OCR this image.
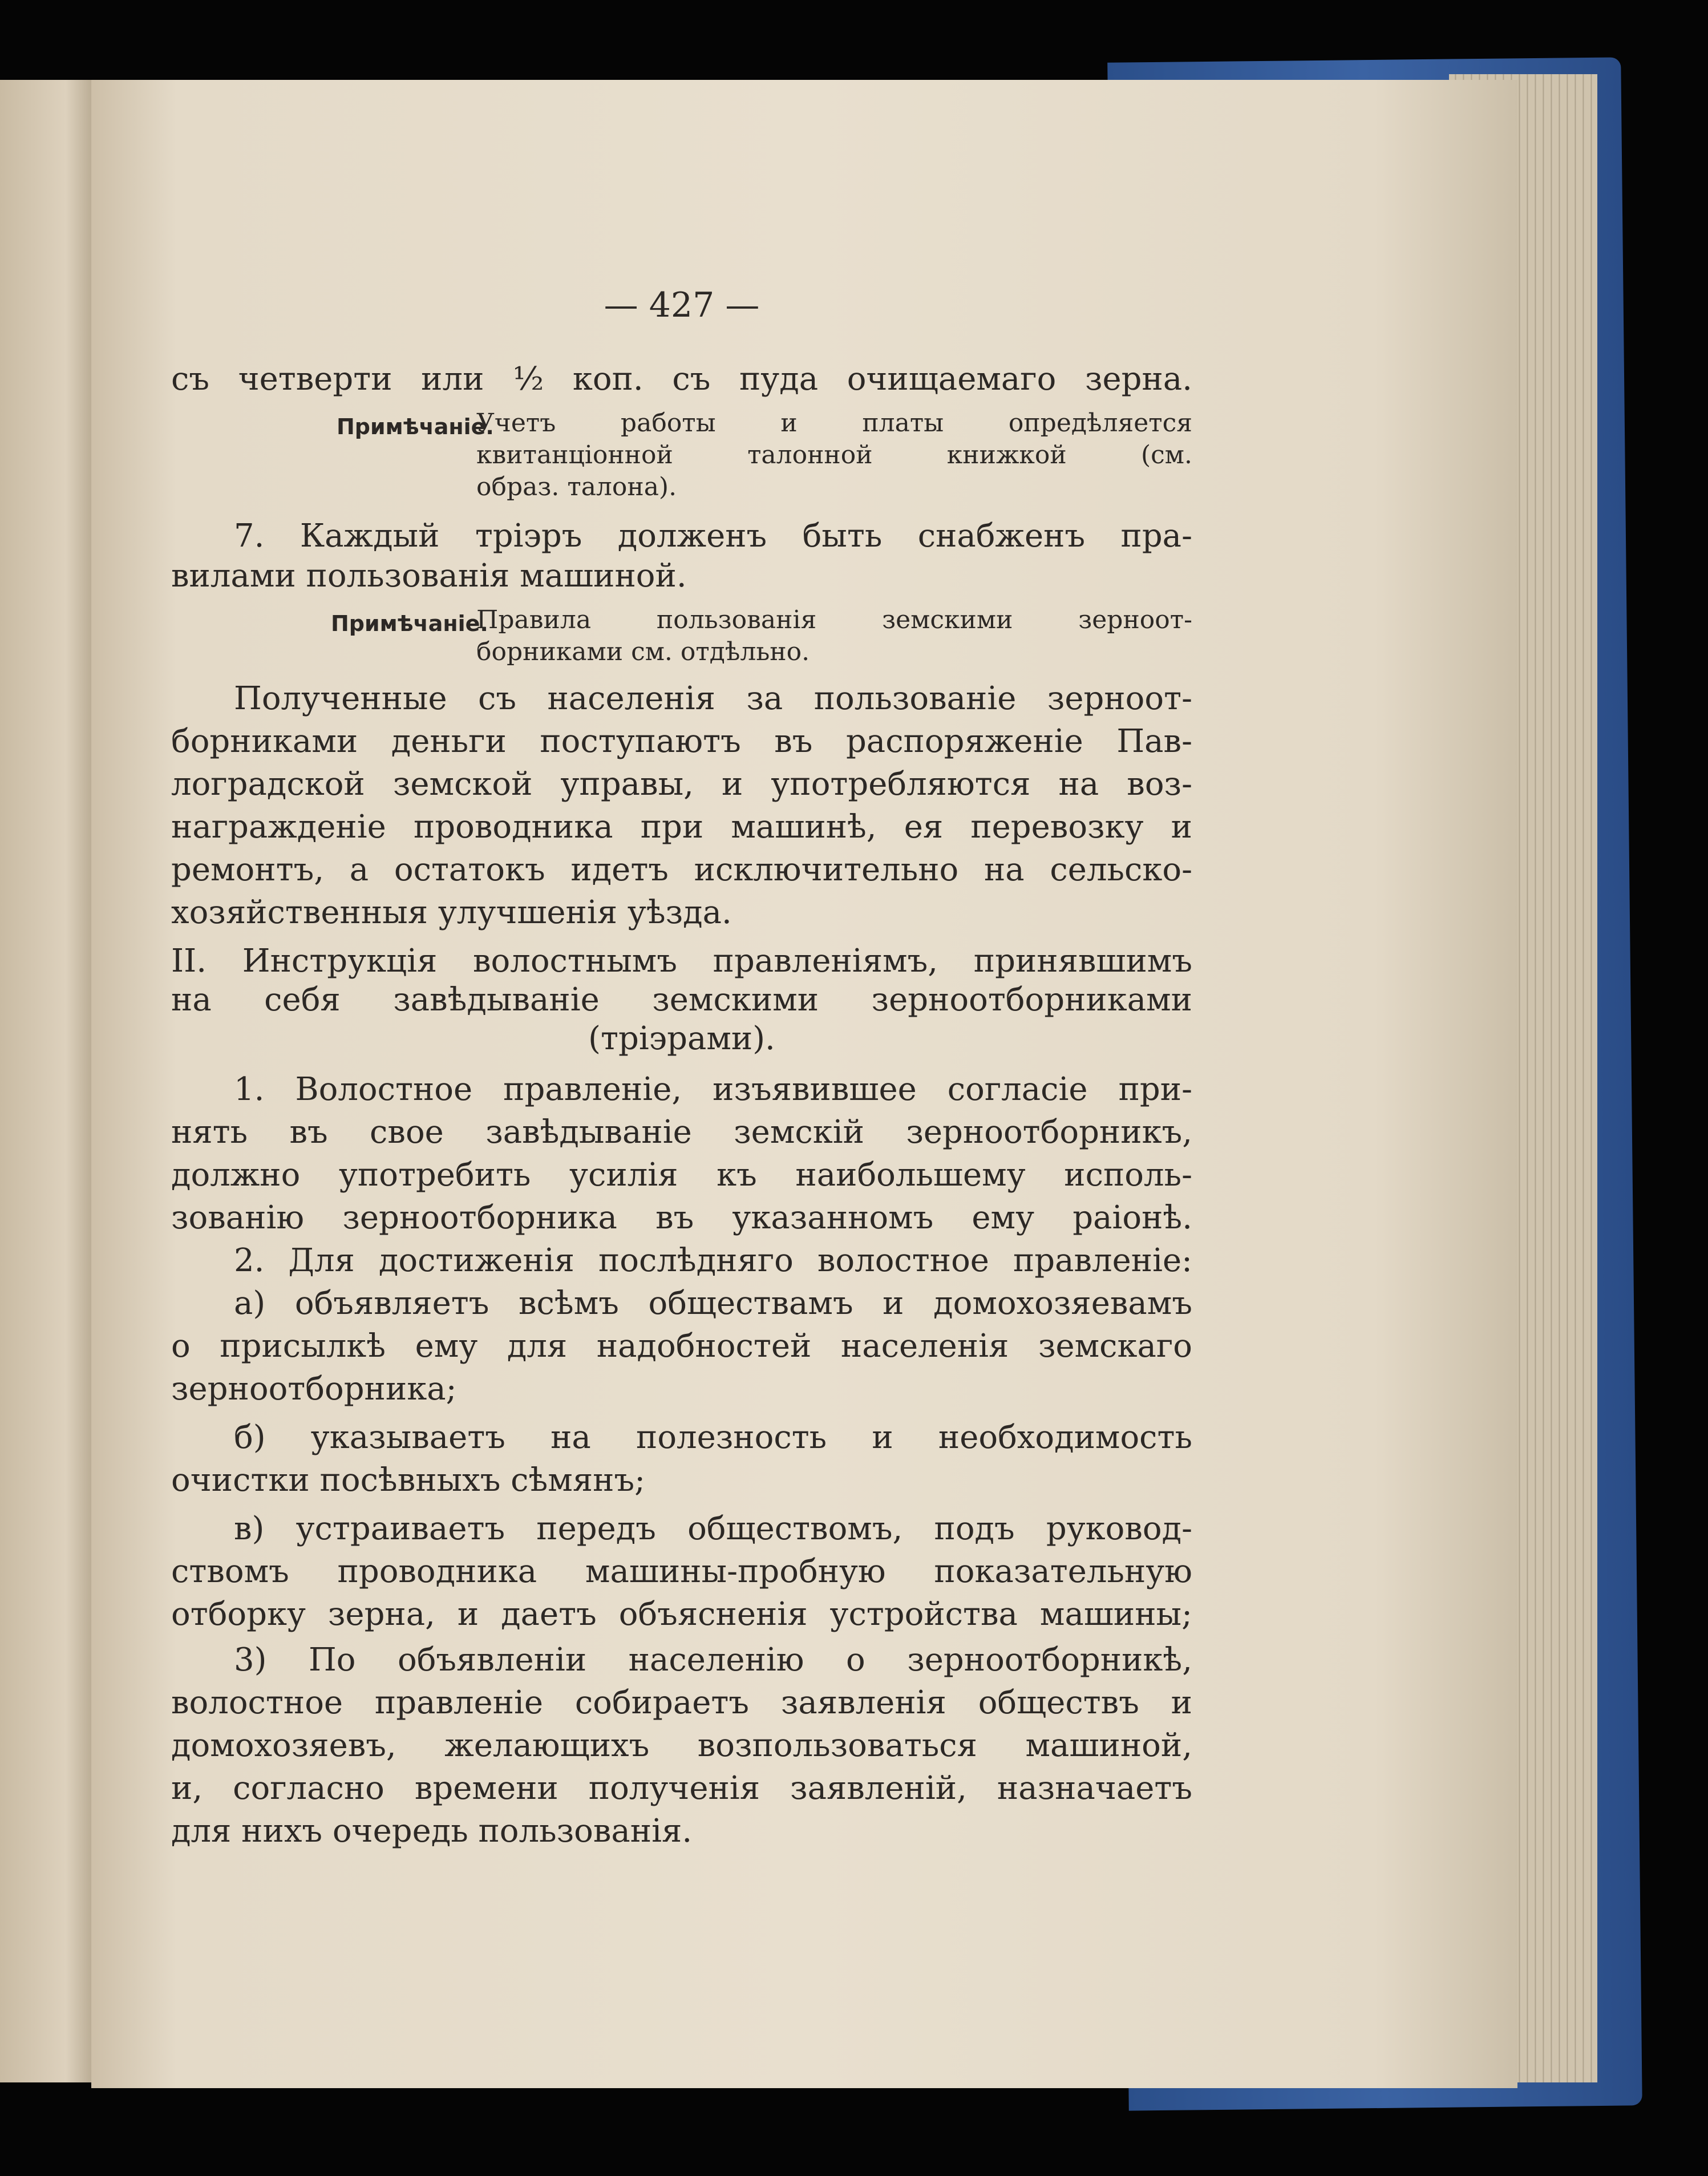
— 427 —
съ четверти или ½ коп. съ пуда очищаемаго зерна.
Примѣчаніе.
Учетъ работы и платы опредѣляется
квитанціонной талонной книжкой (см.
образ. талона).
7. Каждый тріэръ долженъ быть снабженъ пра-
вилами пользованія машиной.
Примѣчаніе.
Правила пользованія земскими зерноот-
борниками см. отдѣльно.
Полученные съ населенія за пользованіе зерноот-
борниками деньги поступаютъ въ распоряженіе Пав-
лоградской земской управы, и употребляются на воз-
награжденіе проводника при машинѣ, ея перевозку и
ремонтъ, а остатокъ идетъ исключительно на сельско-
хозяйственныя улучшенія уѣзда.
II. Инструкція волостнымъ правленіямъ, принявшимъ
на себя завѣдываніе земскими зерноотборниками
(тріэрами).
1. Волостное правленіе, изъявившее согласіе при-
нять въ свое завѣдываніе земскій зерноотборникъ,
должно употребить усилія къ наибольшему исполь-
зованію зерноотборника въ указанномъ ему раіонѣ.
2. Для достиженія послѣдняго волостное правленіе:
а) объявляетъ всѣмъ обществамъ и домохозяевамъ
о присылкѣ ему для надобностей населенія земскаго
зерноотборника;
б) указываетъ на полезность и необходимость
очистки посѣвныхъ сѣмянъ;
в) устраиваетъ передъ обществомъ, подъ руковод-
ствомъ проводника машины-пробную показательную
отборку зерна, и даетъ объясненія устройства машины;
3) По объявленіи населенію о зерноотборникѣ,
волостное правленіе собираетъ заявленія обществъ и
домохозяевъ, желающихъ возпользоваться машиной,
и, согласно времени полученія заявленій, назначаетъ
для нихъ очередь пользованія.
